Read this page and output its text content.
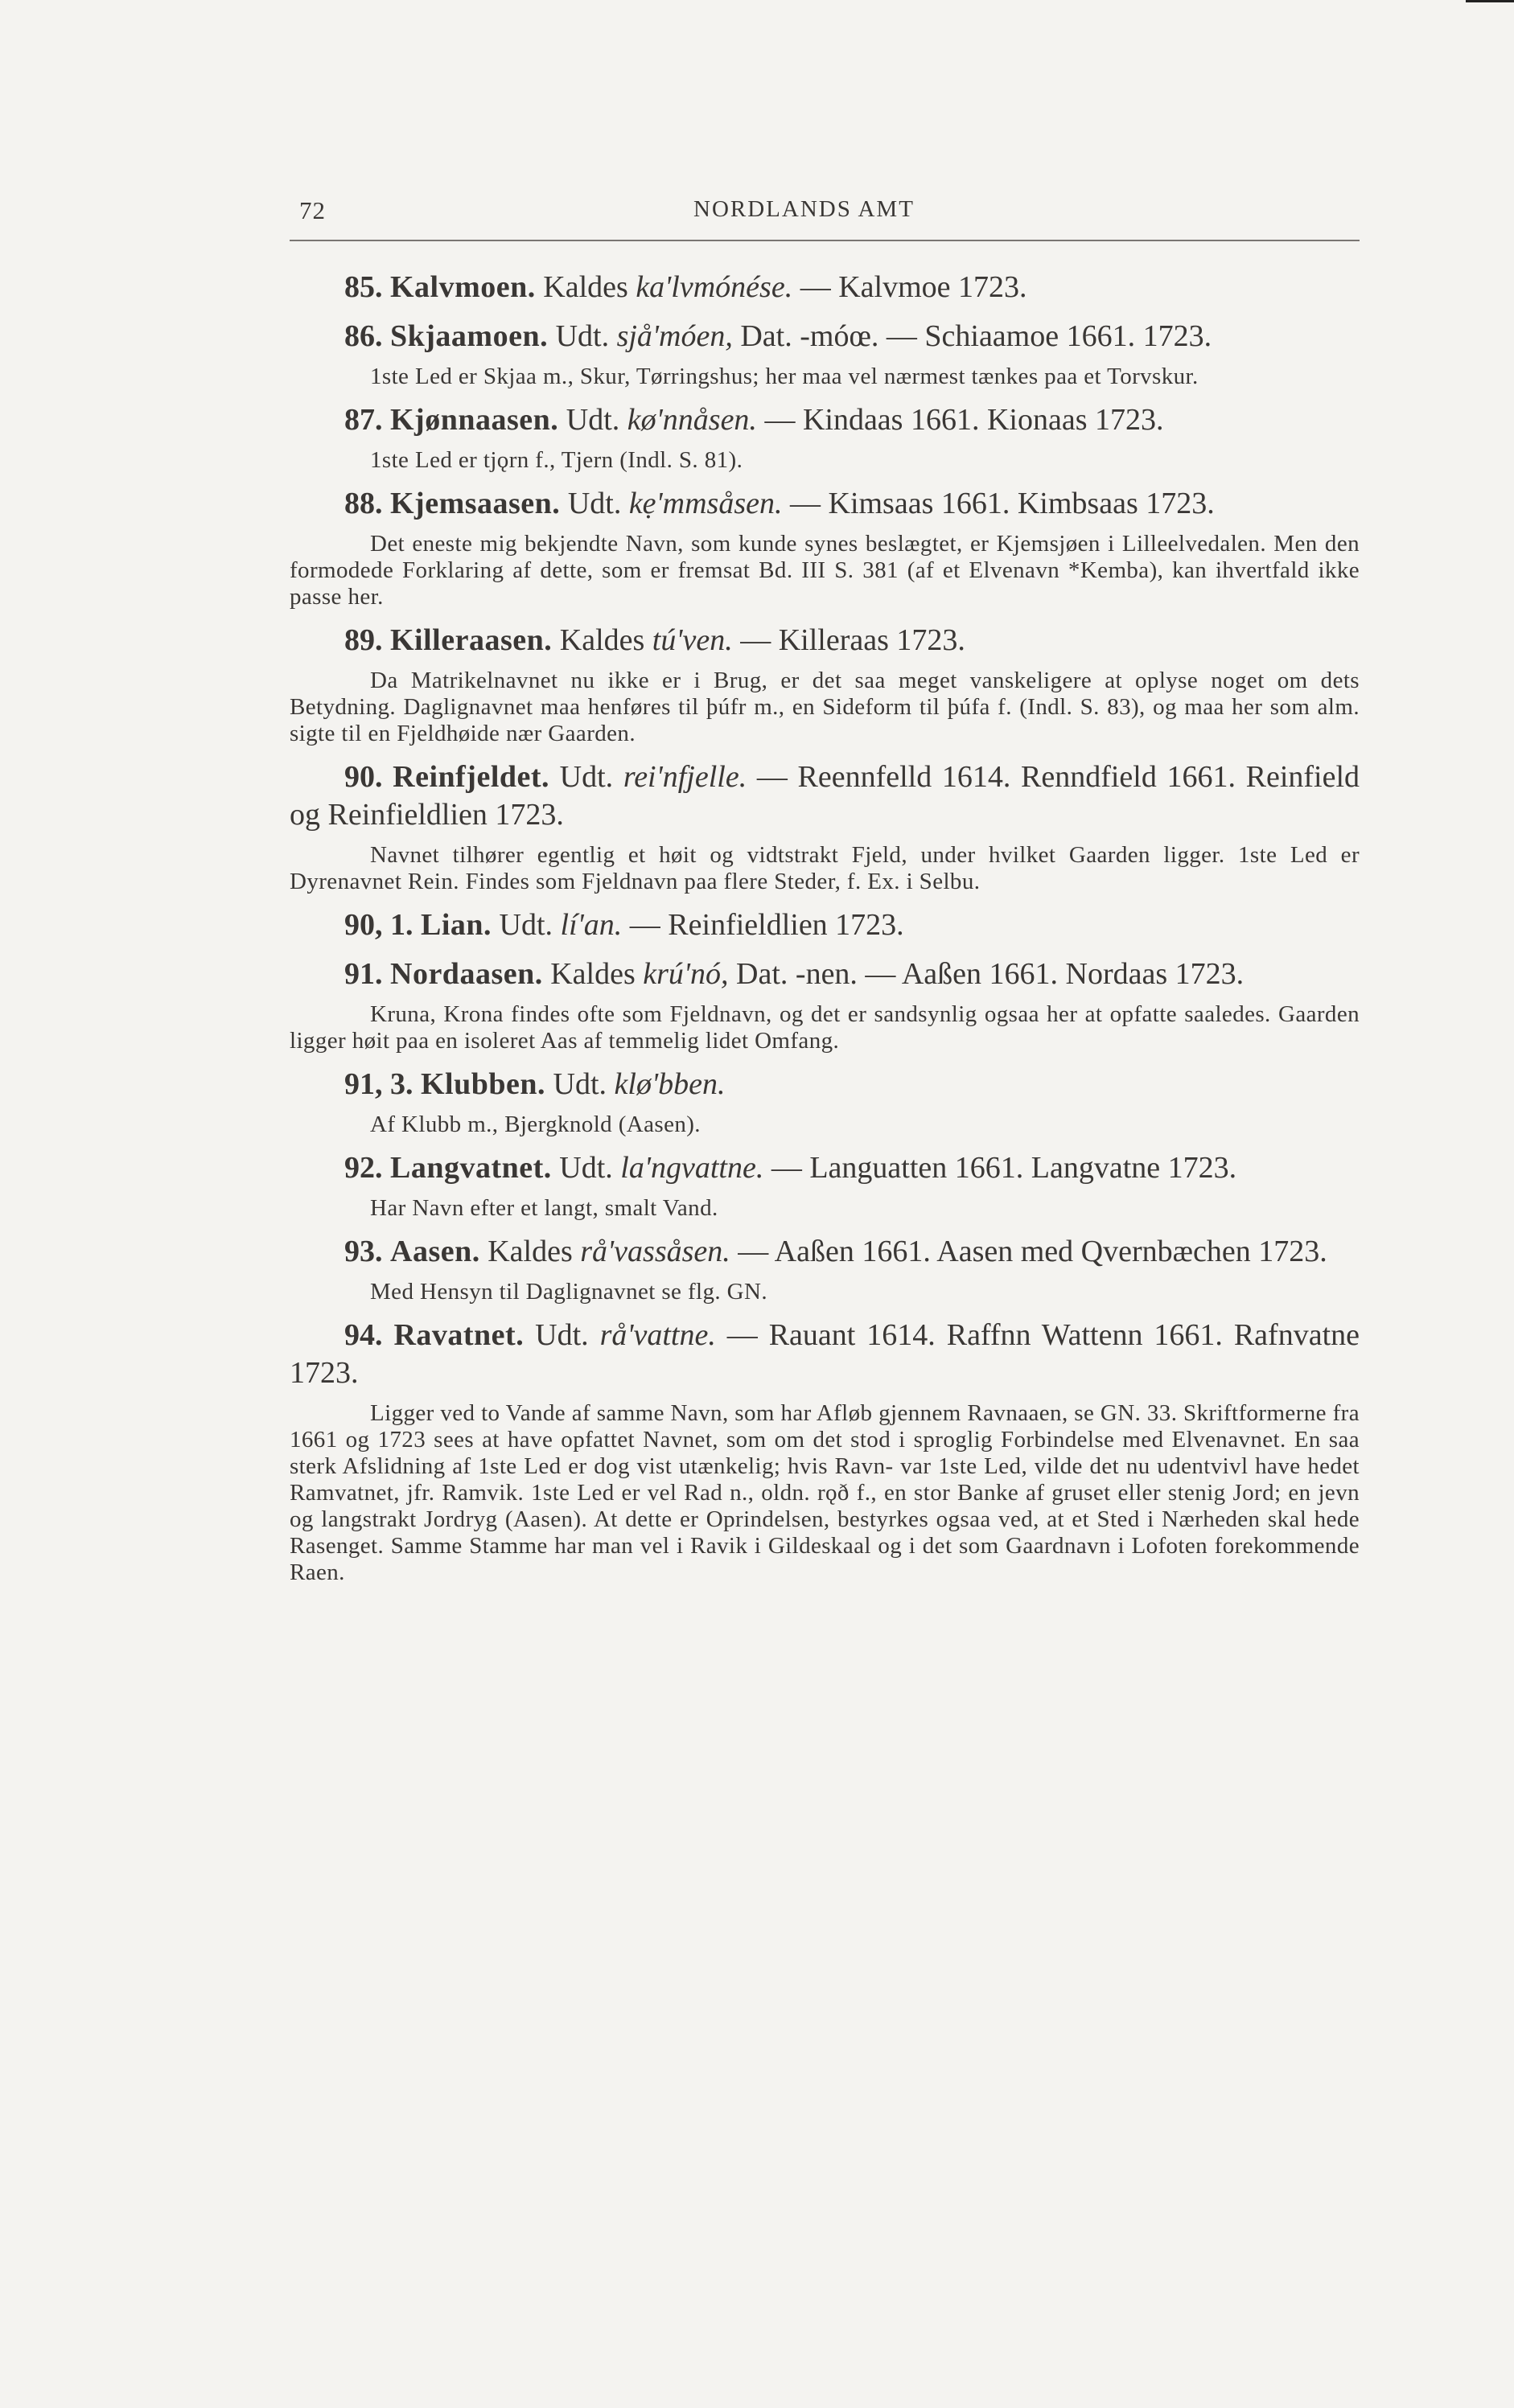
72	NORDLANDS AMT

85. Kalvmoen. Kaldes ka'lvmónése. — Kalvmoe 1723.

86. Skjaamoen. Udt. sjå'móen, Dat. -móœ. — Schiaamoe 1661. 1723.

1ste Led er Skjaa m., Skur, Tørringshus; her maa vel nærmest tænkes paa et Torvskur.

87. Kjønnaasen. Udt. kø'nnåsen. — Kindaas 1661. Kionaas 1723.

1ste Led er tjǫrn f., Tjern (Indl. S. 81).

88. Kjemsaasen. Udt. kẹ'mmsåsen. — Kimsaas 1661. Kimbsaas 1723.

Det eneste mig bekjendte Navn, som kunde synes beslægtet, er Kjemsjøen i Lilleelvedalen. Men den formodede Forklaring af dette, som er fremsat Bd. III S. 381 (af et Elvenavn *Kemba), kan ihvertfald ikke passe her.

89. Killeraasen. Kaldes tú'ven. — Killeraas 1723.

Da Matrikelnavnet nu ikke er i Brug, er det saa meget vanskeligere at oplyse noget om dets Betydning. Daglignavnet maa henføres til þúfr m., en Sideform til þúfa f. (Indl. S. 83), og maa her som alm. sigte til en Fjeldhøide nær Gaarden.

90. Reinfjeldet. Udt. rei'nfjelle. — Reennfelld 1614. Renndfield 1661. Reinfield og Reinfieldlien 1723.

Navnet tilhører egentlig et høit og vidtstrakt Fjeld, under hvilket Gaarden ligger. 1ste Led er Dyrenavnet Rein. Findes som Fjeldnavn paa flere Steder, f. Ex. i Selbu.

90, 1. Lian. Udt. lí'an. — Reinfieldlien 1723.

91. Nordaasen. Kaldes krú'nó, Dat. -nen. — Aaßen 1661. Nordaas 1723.

Kruna, Krona findes ofte som Fjeldnavn, og det er sandsynlig ogsaa her at opfatte saaledes. Gaarden ligger høit paa en isoleret Aas af temmelig lidet Omfang.

91, 3. Klubben. Udt. klø'bben.

Af Klubb m., Bjergknold (Aasen).

92. Langvatnet. Udt. la'ngvattne. — Languatten 1661. Langvatne 1723.

Har Navn efter et langt, smalt Vand.

93. Aasen. Kaldes rå'vassåsen. — Aaßen 1661. Aasen med Qvernbæchen 1723.

Med Hensyn til Daglignavnet se flg. GN.

94. Ravatnet. Udt. rå'vattne. — Rauant 1614. Raffnn Wattenn 1661. Rafnvatne 1723.

Ligger ved to Vande af samme Navn, som har Afløb gjennem Ravnaaen, se GN. 33. Skriftformerne fra 1661 og 1723 sees at have opfattet Navnet, som om det stod i sproglig Forbindelse med Elvenavnet. En saa sterk Afslidning af 1ste Led er dog vist utænkelig; hvis Ravn- var 1ste Led, vilde det nu udentvivl have hedet Ramvatnet, jfr. Ramvik. 1ste Led er vel Rad n., oldn. rǫð f., en stor Banke af gruset eller stenig Jord; en jevn og langstrakt Jordryg (Aasen). At dette er Oprindelsen, bestyrkes ogsaa ved, at et Sted i Nærheden skal hede Rasenget. Samme Stamme har man vel i Ravik i Gildeskaal og i det som Gaardnavn i Lofoten forekommende Raen.
